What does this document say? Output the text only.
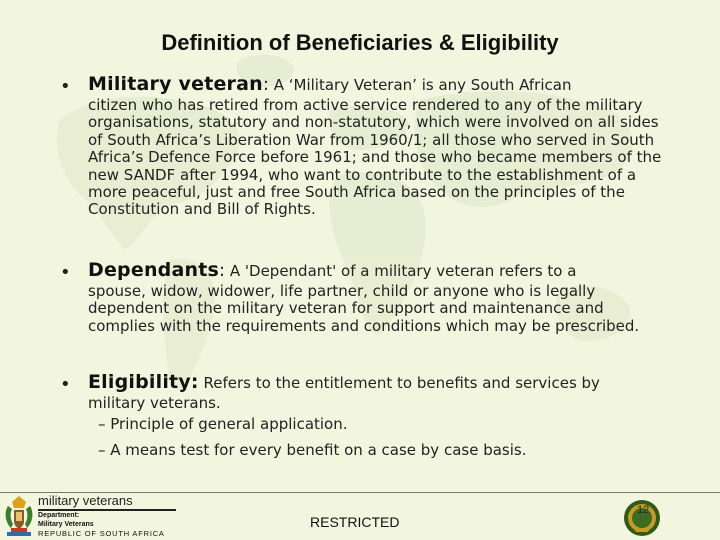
Definition of Beneficiaries & Eligibility
• Military veteran: A ‘Military Veteran’ is any South African
citizen who has retired from active service rendered to any of the military organisations, statutory and non-statutory, which were involved on all sides of South Africa’s Liberation War from 1960/1; all those who served in South Africa’s Defence Force before 1961; and those who became members of the new SANDF after 1994, who want to contribute to the establishment of a more peaceful, just and free South Africa based on the principles of the Constitution and Bill of Rights.
• Dependants: A 'Dependant' of a military veteran refers to a
spouse, widow, widower, life partner, child or anyone who is legally dependent on the military veteran for support and maintenance and complies with the requirements and conditions which may be prescribed.
• Eligibility: Refers to the entitlement to benefits and services by
military veterans.
– Principle of general application.
– A means test for every benefit on a case by case basis.
military veterans
Department:
Military Veterans
REPUBLIC OF SOUTH AFRICA
RESTRICTED
12
